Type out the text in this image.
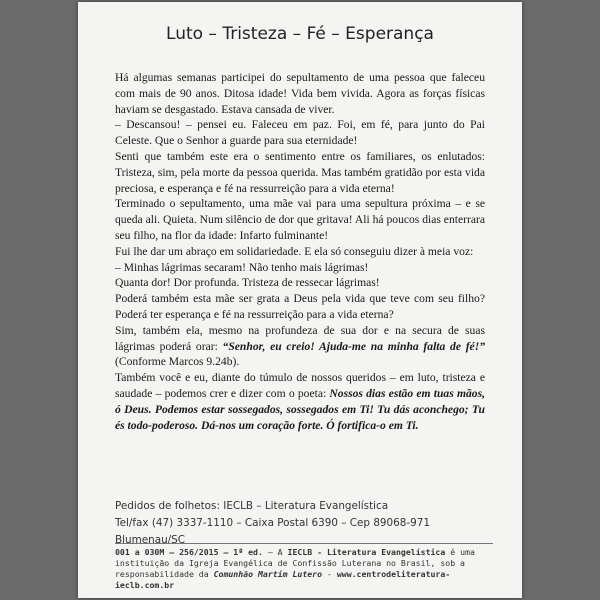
Luto – Tristeza – Fé – Esperança

Há algumas semanas participei do sepultamento de uma pessoa que faleceu com mais de 90 anos. Ditosa idade! Vida bem vivida. Agora as forças físicas haviam se desgastado. Estava cansada de viver.

– Descansou! – pensei eu. Faleceu em paz. Foi, em fé, para junto do Pai Celeste. Que o Senhor a guarde para sua eternidade!

Senti que também este era o sentimento entre os familiares, os enlutados: Tristeza, sim, pela morte da pessoa querida. Mas também gratidão por esta vida preciosa, e esperança e fé na ressurreição para a vida eterna!

Terminado o sepultamento, uma mãe vai para uma sepultura próxima – e se queda ali. Quieta. Num silêncio de dor que gritava! Ali há poucos dias enterrara seu filho, na flor da idade: Infarto fulminante!

Fui lhe dar um abraço em solidariedade. E ela só conseguiu dizer à meia voz:

– Minhas lágrimas secaram! Não tenho mais lágrimas!

Quanta dor! Dor profunda. Tristeza de ressecar lágrimas!

Poderá também esta mãe ser grata a Deus pela vida que teve com seu filho? Poderá ter esperança e fé na ressurreição para a vida eterna?

Sim, também ela, mesmo na profundeza de sua dor e na secura de suas lágrimas poderá orar: “Senhor, eu creio! Ajuda-me na minha falta de fé!” (Conforme Marcos 9.24b).

Também você e eu, diante do túmulo de nossos queridos – em luto, tristeza e saudade – podemos crer e dizer com o poeta: Nossos dias estão em tuas mãos, ó Deus. Podemos estar sossegados, sossegados em Ti! Tu dás aconchego; Tu és todo-poderoso. Dá-nos um coração forte. Ó fortifica-o em Ti.

Pedidos de folhetos: IECLB – Literatura Evangelística
Tel/fax (47) 3337-1110 – Caixa Postal 6390 – Cep 89068-971 Blumenau/SC
001 a 030M – 256/2015 – 1ª ed. – A IECLB - Literatura Evangelística é uma instituição da Igreja Evangélica de Confissão Luterana no Brasil, sob a responsabilidade da Comunhão Martim Lutero - www.centrodeliteratura-ieclb.com.br
